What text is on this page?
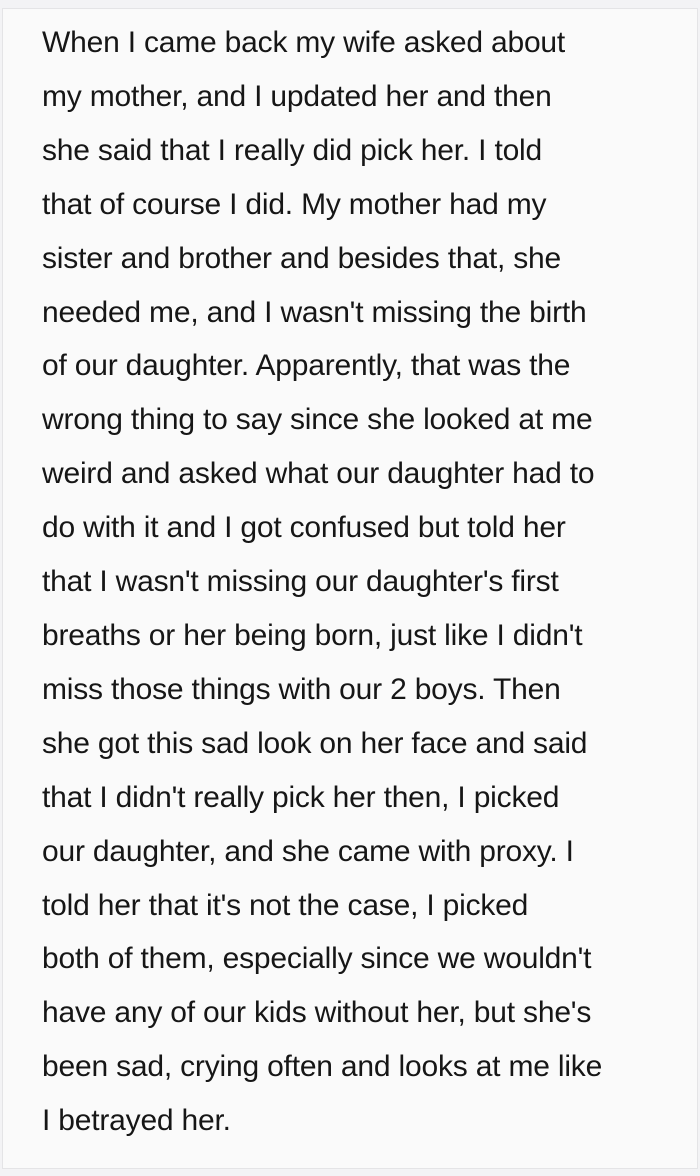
When I came back my wife asked about
my mother, and I updated her and then
she said that I really did pick her. I told
that of course I did. My mother had my
sister and brother and besides that, she
needed me, and I wasn't missing the birth
of our daughter. Apparently, that was the
wrong thing to say since she looked at me
weird and asked what our daughter had to
do with it and I got confused but told her
that I wasn't missing our daughter's first
breaths or her being born, just like I didn't
miss those things with our 2 boys. Then
she got this sad look on her face and said
that I didn't really pick her then, I picked
our daughter, and she came with proxy. I
told her that it's not the case, I picked
both of them, especially since we wouldn't
have any of our kids without her, but she's
been sad, crying often and looks at me like
I betrayed her.
